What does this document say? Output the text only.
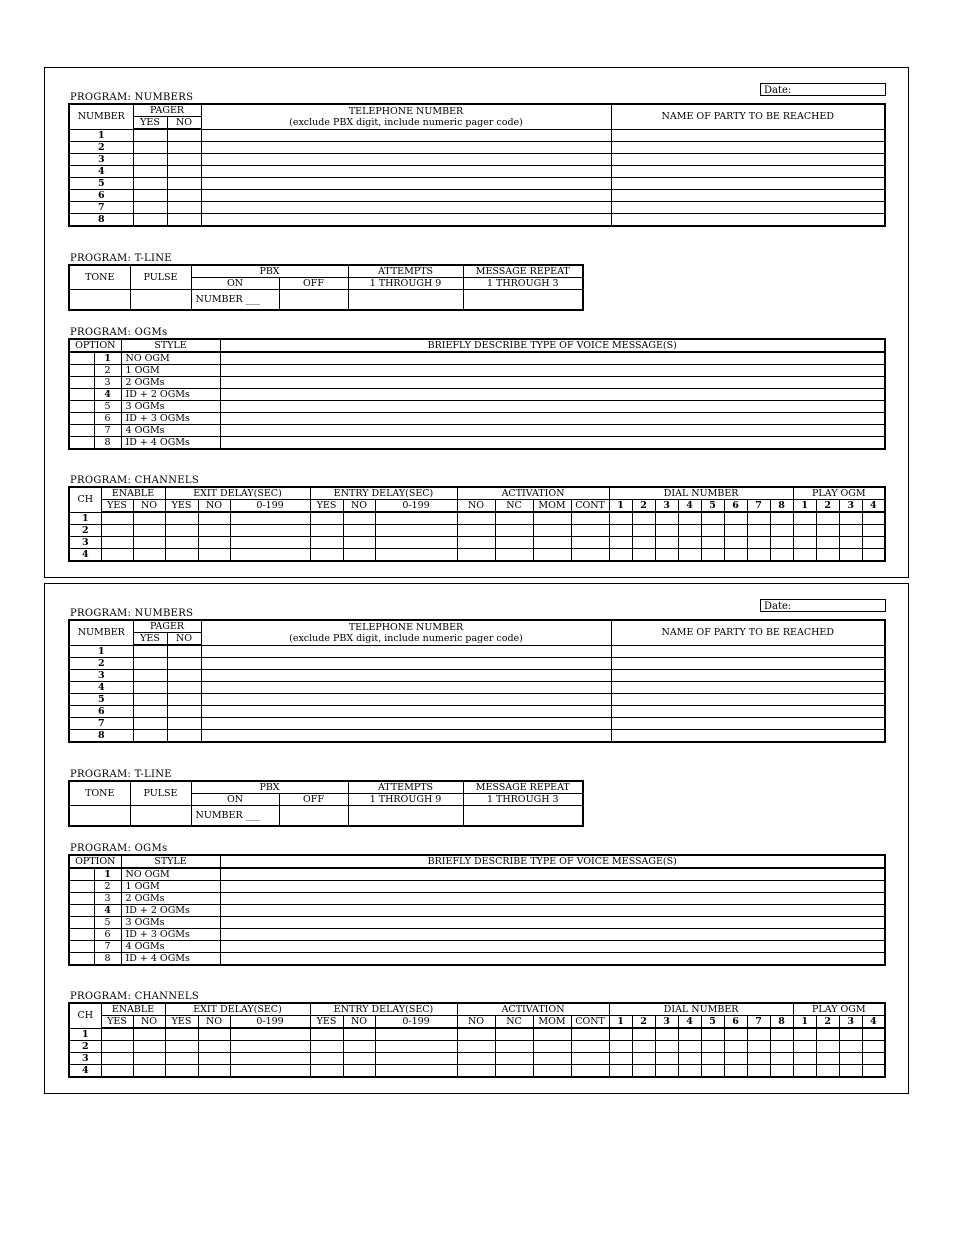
Date:
PROGRAM: NUMBERS
NUMBER	PAGER		TELEPHONE NUMBER
(exclude PBX digit, include numeric pager code)	NAME OF PARTY TO BE REACHED
	YES	NO		
1				
2				
3				
4				
5				
6				
7				
8				
PROGRAM: T-LINE
TONE	PULSE	PBX		ATTEMPTS	MESSAGE REPEAT
		ON	OFF	1 THROUGH 9	1 THROUGH 3
		NUMBER ___			
PROGRAM: OGMs
OPTION		STYLE	BRIEFLY DESCRIBE TYPE OF VOICE MESSAGE(S)
	1	NO OGM	
	2	1 OGM	
	3	2 OGMs	
	4	ID + 2 OGMs	
	5	3 OGMs	
	6	ID + 3 OGMs	
	7	4 OGMs	
	8	ID + 4 OGMs	
PROGRAM: CHANNELS
CH	ENABLE		EXIT DELAY(SEC)			ENTRY DELAY(SEC)			ACTIVATION				DIAL NUMBER								PLAY OGM			
	YES	NO	YES	NO	0-199	YES	NO	0-199	NO	NC	MOM	CONT	1	2	3	4	5	6	7	8	1	2	3	4
1																								
2																								
3																								
4																								
Date:
PROGRAM: NUMBERS
NUMBER	PAGER		TELEPHONE NUMBER
(exclude PBX digit, include numeric pager code)	NAME OF PARTY TO BE REACHED
	YES	NO		
1				
2				
3				
4				
5				
6				
7				
8				
PROGRAM: T-LINE
TONE	PULSE	PBX		ATTEMPTS	MESSAGE REPEAT
		ON	OFF	1 THROUGH 9	1 THROUGH 3
		NUMBER ___			
PROGRAM: OGMs
OPTION		STYLE	BRIEFLY DESCRIBE TYPE OF VOICE MESSAGE(S)
	1	NO OGM	
	2	1 OGM	
	3	2 OGMs	
	4	ID + 2 OGMs	
	5	3 OGMs	
	6	ID + 3 OGMs	
	7	4 OGMs	
	8	ID + 4 OGMs	
PROGRAM: CHANNELS
CH	ENABLE		EXIT DELAY(SEC)			ENTRY DELAY(SEC)			ACTIVATION				DIAL NUMBER								PLAY OGM			
	YES	NO	YES	NO	0-199	YES	NO	0-199	NO	NC	MOM	CONT	1	2	3	4	5	6	7	8	1	2	3	4
1																								
2																								
3																								
4																								
